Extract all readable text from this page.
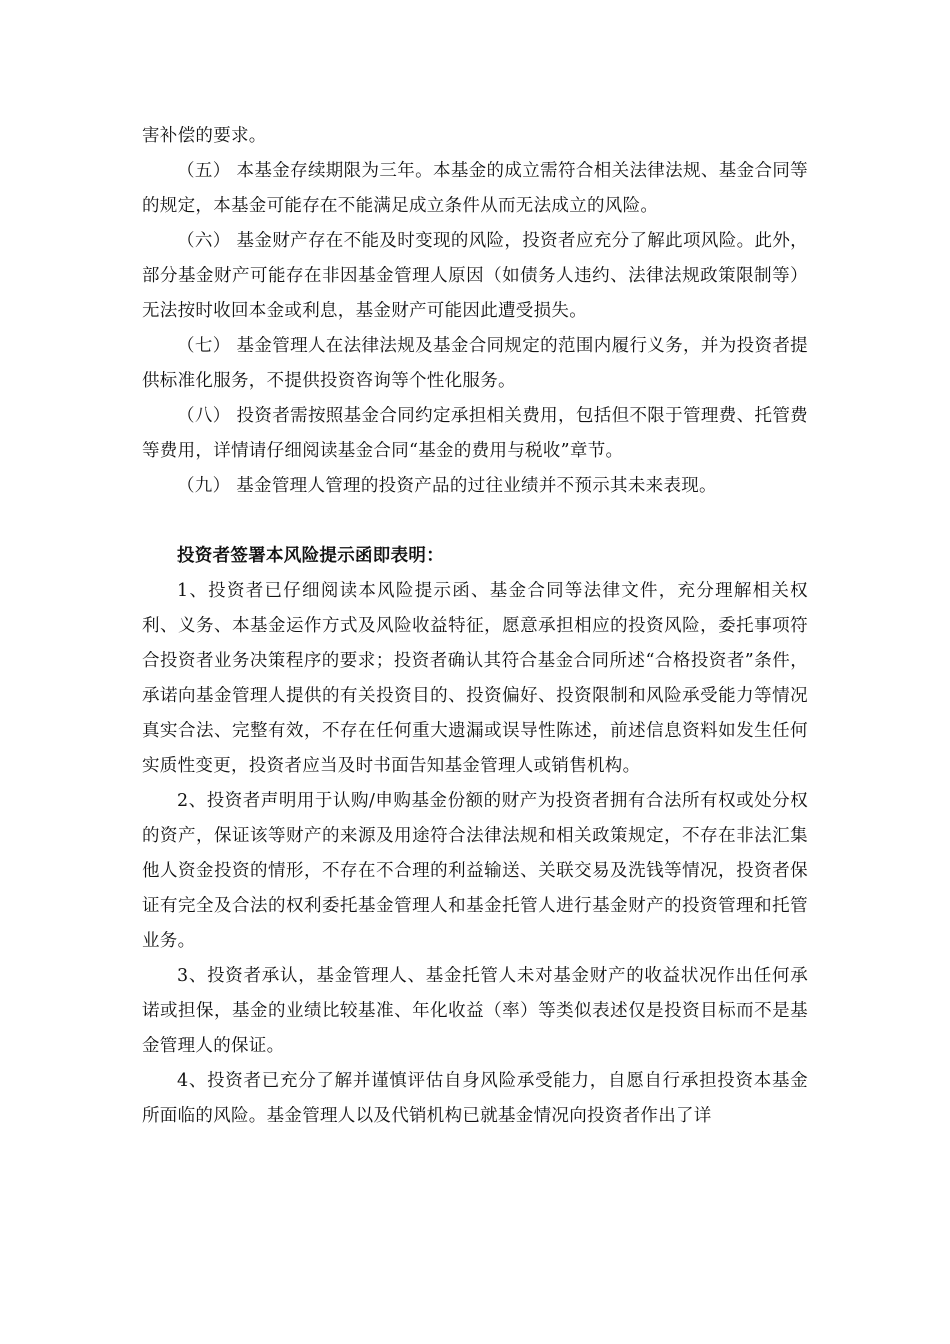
害补偿的要求。

（五） 本基金存续期限为三年。本基金的成立需符合相关法律法规、基金合同等的规定，本基金可能存在不能满足成立条件从而无法成立的风险。

（六） 基金财产存在不能及时变现的风险，投资者应充分了解此项风险。此外，部分基金财产可能存在非因基金管理人原因（如债务人违约、法律法规政策限制等）无法按时收回本金或利息，基金财产可能因此遭受损失。

（七） 基金管理人在法律法规及基金合同规定的范围内履行义务，并为投资者提供标准化服务，不提供投资咨询等个性化服务。

（八） 投资者需按照基金合同约定承担相关费用，包括但不限于管理费、托管费等费用，详情请仔细阅读基金合同“基金的费用与税收”章节。

（九） 基金管理人管理的投资产品的过往业绩并不预示其未来表现。

投资者签署本风险提示函即表明：

1、投资者已仔细阅读本风险提示函、基金合同等法律文件，充分理解相关权利、义务、本基金运作方式及风险收益特征，愿意承担相应的投资风险，委托事项符合投资者业务决策程序的要求；投资者确认其符合基金合同所述“合格投资者”条件，承诺向基金管理人提供的有关投资目的、投资偏好、投资限制和风险承受能力等情况真实合法、完整有效，不存在任何重大遗漏或误导性陈述，前述信息资料如发生任何实质性变更，投资者应当及时书面告知基金管理人或销售机构。

2、投资者声明用于认购/申购基金份额的财产为投资者拥有合法所有权或处分权的资产，保证该等财产的来源及用途符合法律法规和相关政策规定，不存在非法汇集他人资金投资的情形，不存在不合理的利益输送、关联交易及洗钱等情况，投资者保证有完全及合法的权利委托基金管理人和基金托管人进行基金财产的投资管理和托管业务。

3、投资者承认，基金管理人、基金托管人未对基金财产的收益状况作出任何承诺或担保，基金的业绩比较基准、年化收益（率）等类似表述仅是投资目标而不是基金管理人的保证。

4、投资者已充分了解并谨慎评估自身风险承受能力，自愿自行承担投资本基金所面临的风险。基金管理人以及代销机构已就基金情况向投资者作出了详
